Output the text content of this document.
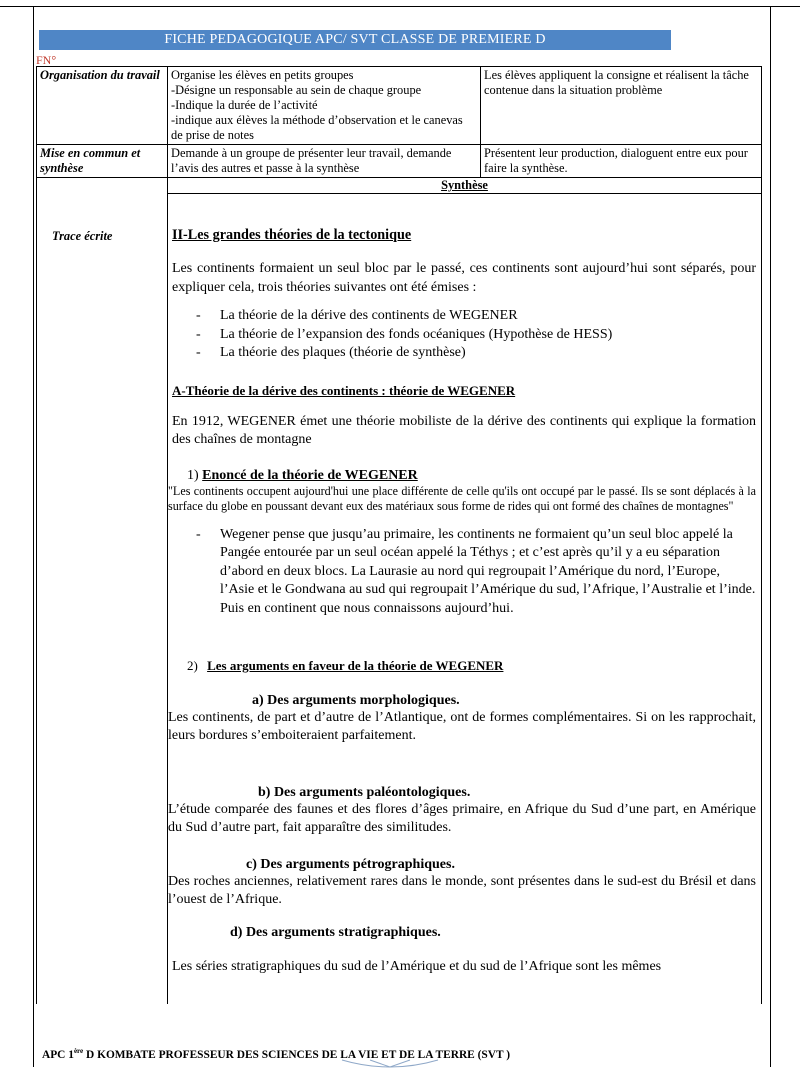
FICHE PEDAGOGIQUE APC/ SVT CLASSE DE PREMIERE D
FN°
Organisation du travail	Organise les élèves en petits groupes
-Désigne un responsable au sein de chaque groupe
-Indique la durée de l’activité
-indique aux élèves la méthode d’observation et le canevas de prise de notes	Les élèves appliquent la consigne et réalisent la tâche contenue dans la situation problème
Mise en commun et synthèse	Demande à un groupe de présenter leur travail, demande l’avis des autres et passe à la synthèse	Présentent leur production, dialoguent entre eux pour faire la synthèse.

	Synthèse	

Trace écrite	II-Les grandes théories de la tectonique

Les continents formaient un seul bloc par le passé, ces continents sont aujourd’hui sont séparés, pour expliquer cela, trois théories suivantes ont été émises :

- La théorie de la dérive des continents de WEGENER
- La théorie de l’expansion des fonds océaniques (Hypothèse de HESS)
- La théorie des plaques (théorie de synthèse)
A-Théorie de la dérive des continents : théorie de WEGENER

En 1912, WEGENER émet une théorie mobiliste de la dérive des continents qui explique la formation des chaînes de montagne

1) Enoncé de la théorie de WEGENER

"Les continents occupent aujourd'hui une place différente de celle qu'ils ont occupé par le passé. Ils se sont déplacés à la surface du globe en poussant devant eux des matériaux sous forme de rides qui ont formé des chaînes de montagnes"

- Wegener pense que jusqu’au primaire, les continents ne formaient qu’un seul bloc appelé la Pangée entourée par un seul océan appelé la Téthys ; et c’est après qu’il y a eu séparation d’abord en deux blocs. La Laurasie au nord qui regroupait l’Amérique du nord, l’Europe, l’Asie et le Gondwana au sud qui regroupait l’Amérique du sud, l’Afrique, l’Australie et l’inde. Puis en continent que nous connaissons aujourd’hui.
2) Les arguments en faveur de la théorie de WEGENER
a) Des arguments morphologiques.

Les continents, de part et d’autre de l’Atlantique, ont de formes complémentaires. Si on les rapprochait, leurs bordures s’emboiteraient parfaitement.

b) Des arguments paléontologiques.

L’étude comparée des faunes et des flores d’âges primaire, en Afrique du Sud d’une part, en Amérique du Sud d’autre part, fait apparaître des similitudes.

c) Des arguments pétrographiques.

Des roches anciennes, relativement rares dans le monde, sont présentes dans le sud-est du Brésil et dans l’ouest de l’Afrique.

d) Des arguments stratigraphiques.

Les séries stratigraphiques du sud de l’Amérique et du sud de l’Afrique sont les mêmes

APC 1ère D KOMBATE PROFESSEUR DES SCIENCES DE LA VIE ET DE LA TERRE (SVT )
